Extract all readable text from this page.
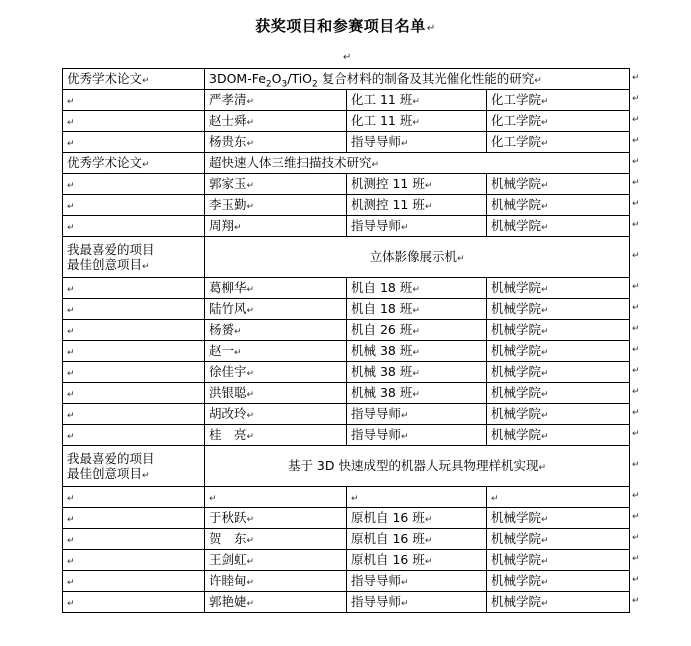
获奖项目和参赛项目名单↵
↵
优秀学术论文↵	$3DOM-Fe_2O_3/TiO_2$ 复合材料的制备及其光催化性能的研究↵		
↵	严孝清↵	化工 11 班↵	化工学院↵
↵	赵士舜↵	化工 11 班↵	化工学院↵
↵	杨贵东↵	指导导师↵	化工学院↵

优秀学术论文↵	超快速人体三维扫描技术研究↵		
↵	郭家玉↵	机测控 11 班↵	机械学院↵
↵	李玉勤↵	机测控 11 班↵	机械学院↵
↵	周翔↵	指导导师↵	机械学院↵

我最喜爱的项目
最佳创意项目↵	立体影像展示机↵		
↵	葛柳华↵	机自 18 班↵	机械学院↵
↵	陆竹风↵	机自 18 班↵	机械学院↵
↵	杨赟↵	机自 26 班↵	机械学院↵
↵	赵一↵	机械 38 班↵	机械学院↵
↵	徐佳宇↵	机械 38 班↵	机械学院↵
↵	洪银聪↵	机械 38 班↵	机械学院↵
↵	胡改玲↵	指导导师↵	机械学院↵
↵	桂　亮↵	指导导师↵	机械学院↵

我最喜爱的项目
最佳创意项目↵	基于 3D 快速成型的机器人玩具物理样机实现↵		
↵	↵	↵	↵
↵	于秋跃↵	原机自 16 班↵	机械学院↵
↵	贺　东↵	原机自 16 班↵	机械学院↵
↵	王剑虹↵	原机自 16 班↵	机械学院↵
↵	许睦甸↵	指导导师↵	机械学院↵
↵	郭艳婕↵	指导导师↵	机械学院↵
↵
↵
↵
↵
↵
↵
↵
↵
↵
↵
↵
↵
↵
↵
↵
↵
↵
↵
↵
↵
↵
↵
↵
↵
